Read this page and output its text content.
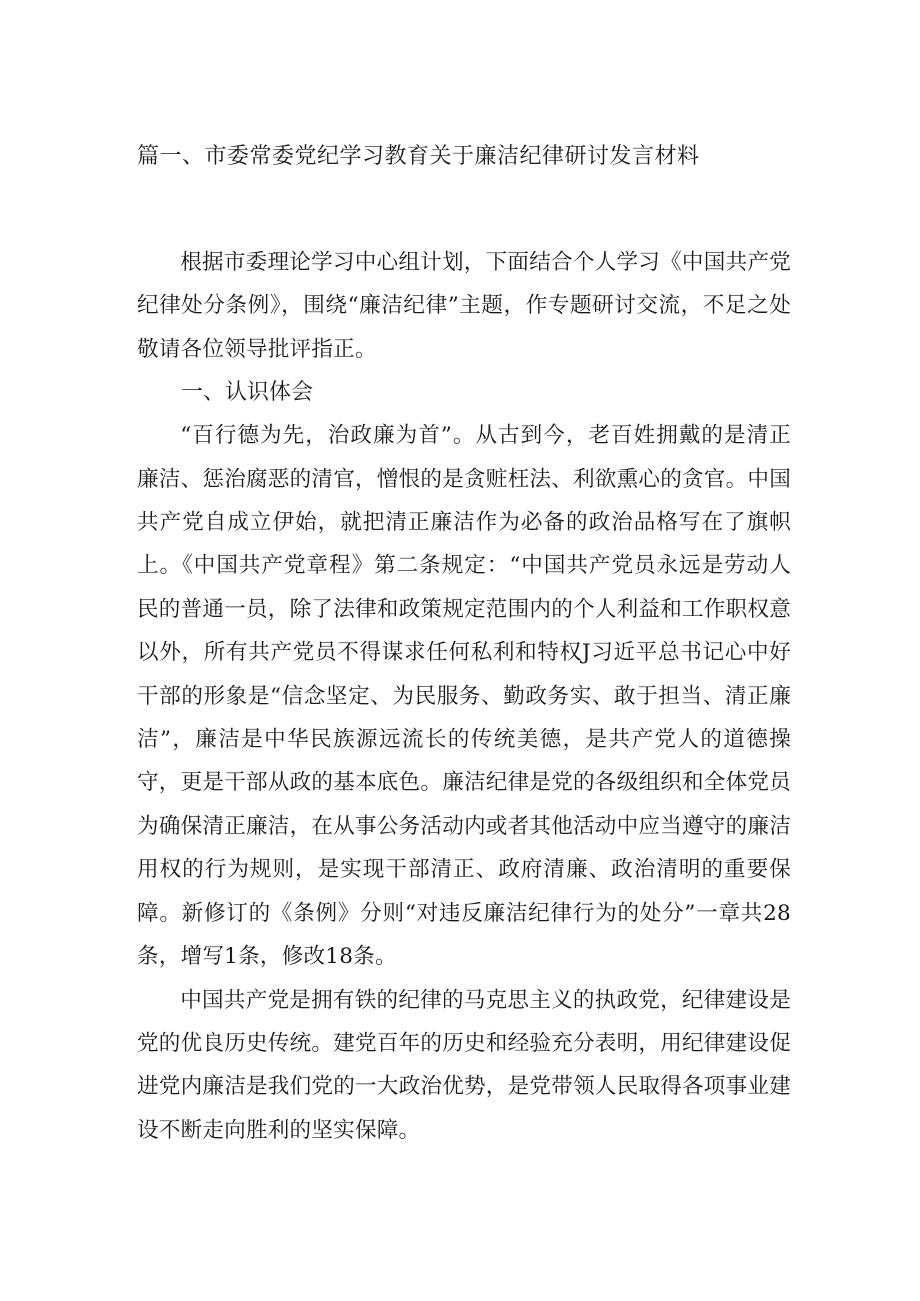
篇一、市委常委党纪学习教育关于廉洁纪律研讨发言材料

根据市委理论学习中心组计划，下面结合个人学习《中国共产党纪律处分条例》，围绕“廉洁纪律”主题，作专题研讨交流，不足之处敬请各位领导批评指正。

一、认识体会

“百行德为先，治政廉为首”。从古到今，老百姓拥戴的是清正廉洁、惩治腐恶的清官，憎恨的是贪赃枉法、利欲熏心的贪官。中国共产党自成立伊始，就把清正廉洁作为必备的政治品格写在了旗帜上。《中国共产党章程》第二条规定：“中国共产党员永远是劳动人民的普通一员，除了法律和政策规定范围内的个人利益和工作职权意以外，所有共产党员不得谋求任何私利和特权J习近平总书记心中好干部的形象是“信念坚定、为民服务、勤政务实、敢于担当、清正廉洁”，廉洁是中华民族源远流长的传统美德，是共产党人的道德操守，更是干部从政的基本底色。廉洁纪律是党的各级组织和全体党员为确保清正廉洁，在从事公务活动内或者其他活动中应当遵守的廉洁用权的行为规则，是实现干部清正、政府清廉、政治清明的重要保障。新修订的《条例》分则“对违反廉洁纪律行为的处分”一章共28条，增写1条，修改18条。

中国共产党是拥有铁的纪律的马克思主义的执政党，纪律建设是党的优良历史传统。建党百年的历史和经验充分表明，用纪律建设促进党内廉洁是我们党的一大政治优势，是党带领人民取得各项事业建设不断走向胜利的坚实保障。
